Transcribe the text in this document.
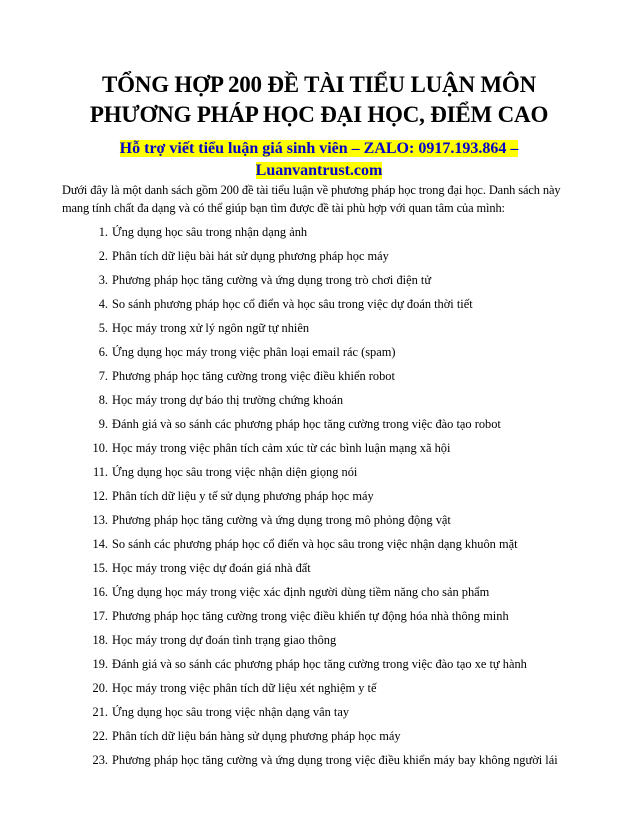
TỔNG HỢP 200 ĐỀ TÀI TIỂU LUẬN MÔN
PHƯƠNG PHÁP HỌC ĐẠI HỌC, ĐIỂM CAO
Hỗ trợ viết tiểu luận giá sinh viên – ZALO: 0917.193.864 –
Luanvantrust.com
Dưới đây là một danh sách gồm 200 đề tài tiểu luận về phương pháp học trong đại học. Danh sách này
mang tính chất đa dạng và có thể giúp bạn tìm được đề tài phù hợp với quan tâm của mình:
1. Ứng dụng học sâu trong nhận dạng ảnh
2. Phân tích dữ liệu bài hát sử dụng phương pháp học máy
3. Phương pháp học tăng cường và ứng dụng trong trò chơi điện tử
4. So sánh phương pháp học cổ điển và học sâu trong việc dự đoán thời tiết
5. Học máy trong xử lý ngôn ngữ tự nhiên
6. Ứng dụng học máy trong việc phân loại email rác (spam)
7. Phương pháp học tăng cường trong việc điều khiển robot
8. Học máy trong dự báo thị trường chứng khoán
9. Đánh giá và so sánh các phương pháp học tăng cường trong việc đào tạo robot
10. Học máy trong việc phân tích cảm xúc từ các bình luận mạng xã hội
11. Ứng dụng học sâu trong việc nhận diện giọng nói
12. Phân tích dữ liệu y tế sử dụng phương pháp học máy
13. Phương pháp học tăng cường và ứng dụng trong mô phỏng động vật
14. So sánh các phương pháp học cổ điển và học sâu trong việc nhận dạng khuôn mặt
15. Học máy trong việc dự đoán giá nhà đất
16. Ứng dụng học máy trong việc xác định người dùng tiềm năng cho sản phẩm
17. Phương pháp học tăng cường trong việc điều khiển tự động hóa nhà thông minh
18. Học máy trong dự đoán tình trạng giao thông
19. Đánh giá và so sánh các phương pháp học tăng cường trong việc đào tạo xe tự hành
20. Học máy trong việc phân tích dữ liệu xét nghiệm y tế
21. Ứng dụng học sâu trong việc nhận dạng vân tay
22. Phân tích dữ liệu bán hàng sử dụng phương pháp học máy
23. Phương pháp học tăng cường và ứng dụng trong việc điều khiển máy bay không người lái
